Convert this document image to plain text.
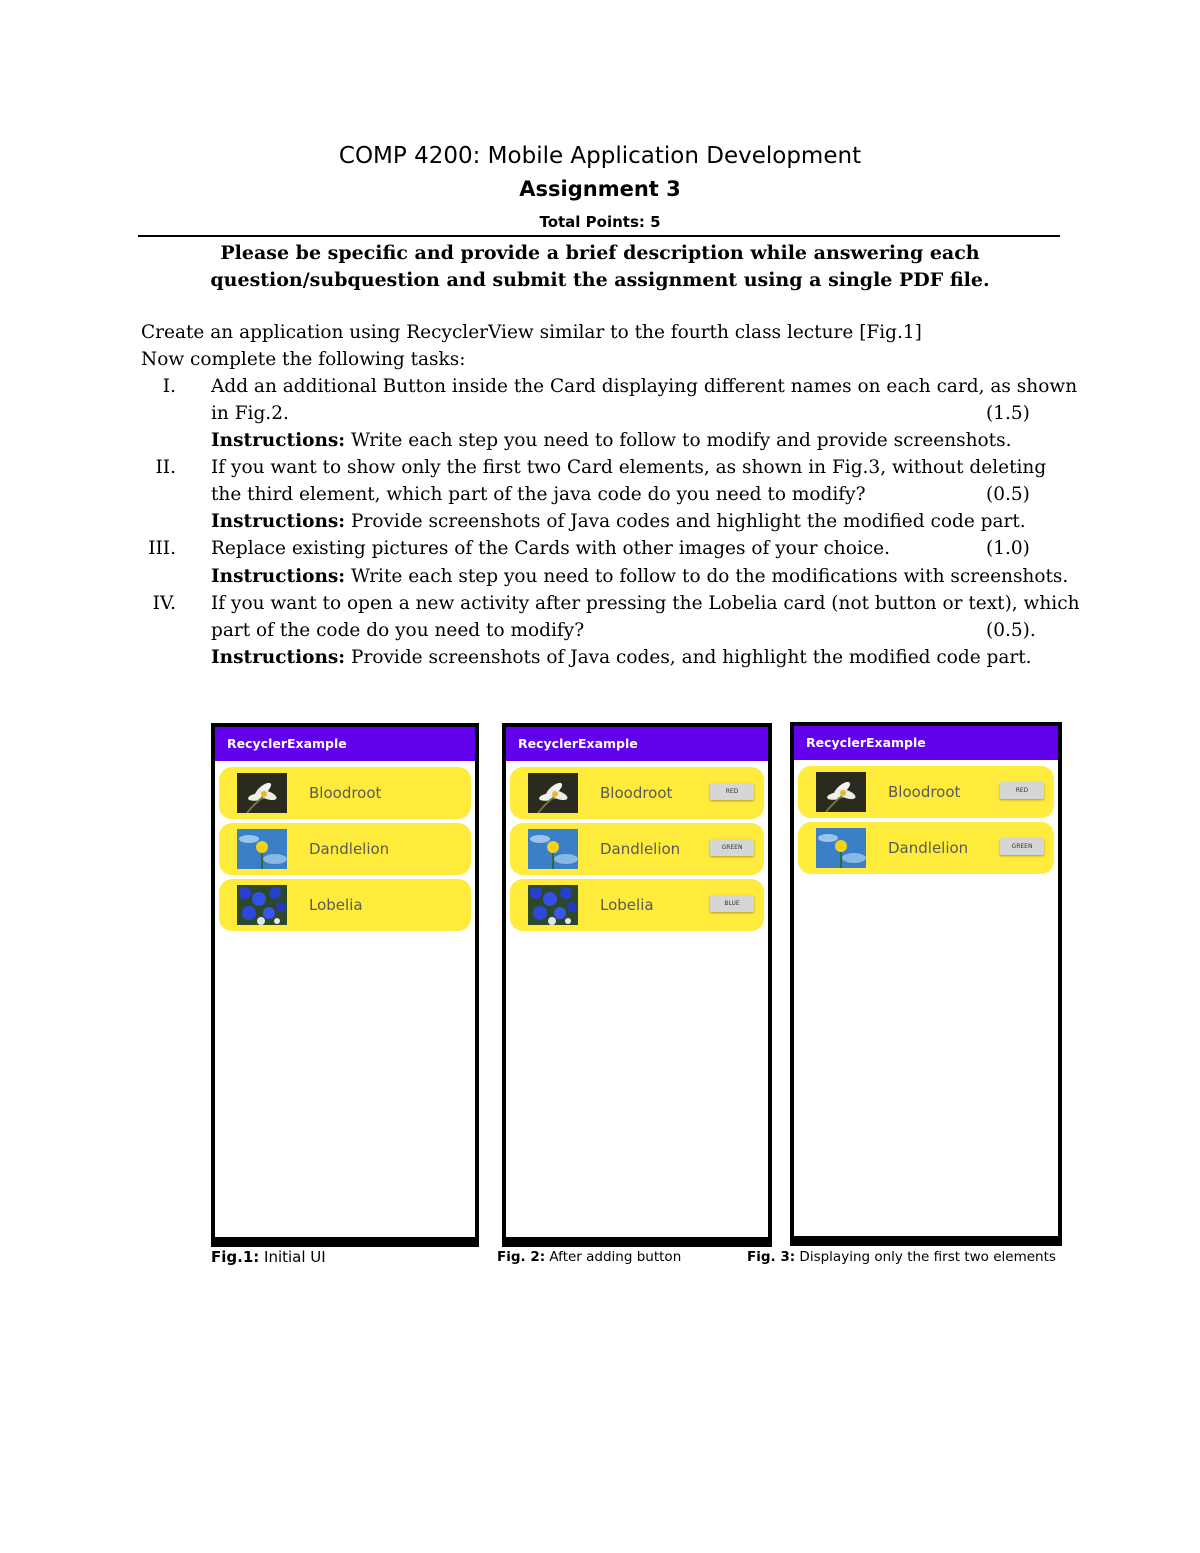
COMP 4200: Mobile Application Development
Assignment 3
Total Points: 5
Please be specific and provide a brief description while answering each
question/subquestion and submit the assignment using a single PDF file.
Create an application using RecyclerView similar to the fourth class lecture [Fig.1]
Now complete the following tasks:
I. Add an additional Button inside the Card displaying different names on each card, as shown
in Fig.2.	(1.5)
Instructions: Write each step you need to follow to modify and provide screenshots.
II. If you want to show only the first two Card elements, as shown in Fig.3, without deleting
the third element, which part of the java code do you need to modify?	(0.5)
Instructions: Provide screenshots of Java codes and highlight the modified code part.
III. Replace existing pictures of the Cards with other images of your choice.	(1.0)
Instructions: Write each step you need to follow to do the modifications with screenshots.
IV. If you want to open a new activity after pressing the Lobelia card (not button or text), which
part of the code do you need to modify?	(0.5).
Instructions: Provide screenshots of Java codes, and highlight the modified code part.
RecyclerExample
Bloodroot
Dandlelion
Lobelia
RecyclerExample
Bloodroot	RED
Dandlelion	GREEN
Lobelia	BLUE
RecyclerExample
Bloodroot	RED
Dandlelion	GREEN
Fig.1: Initial UI	Fig. 2: After adding button	Fig. 3: Displaying only the first two elements
